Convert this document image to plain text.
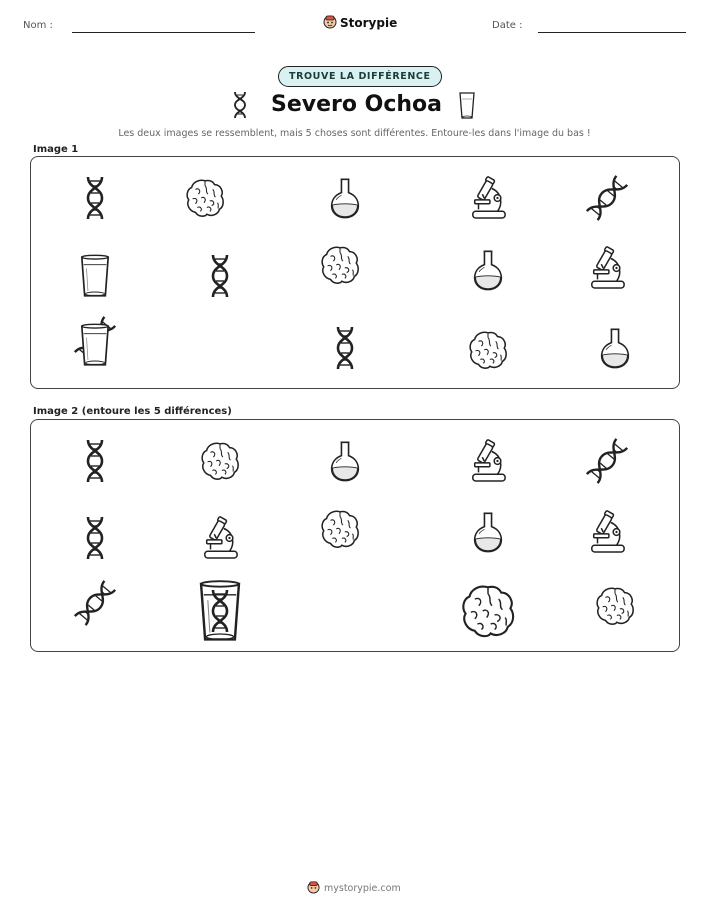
Nom :	Storypie	Date :
TROUVE LA DIFFÉRENCE
Severo Ochoa
Les deux images se ressemblent, mais 5 choses sont différentes. Entoure-les dans l'image du bas !
Image 1
Image 2 (entoure les 5 différences)
mystorypie.com
